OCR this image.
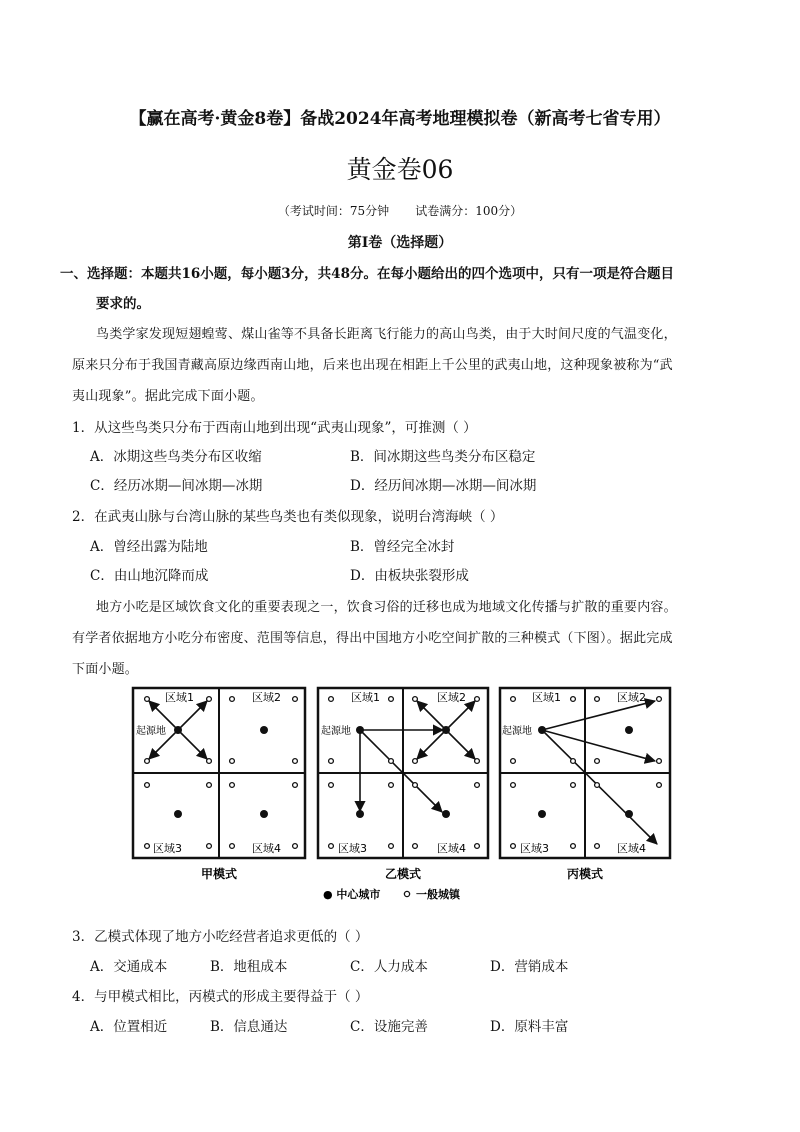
【赢在高考·黄金8卷】备战2024年高考地理模拟卷（新高考七省专用）
黄金卷06
（考试时间：75分钟 试卷满分：100分）
第Ⅰ卷（选择题）
一、选择题：本题共16小题，每小题3分，共48分。在每小题给出的四个选项中，只有一项是符合题目
要求的。
鸟类学家发现短翅蝗莺、煤山雀等不具备长距离飞行能力的高山鸟类，由于大时间尺度的气温变化，
原来只分布于我国青藏高原边缘西南山地，后来也出现在相距上千公里的武夷山地，这种现象被称为“武
夷山现象”。据此完成下面小题。
1．从这些鸟类只分布于西南山地到出现“武夷山现象”，可推测（ ）
A．冰期这些鸟类分布区收缩	B．间冰期这些鸟类分布区稳定
C．经历冰期—间冰期—冰期	D．经历间冰期—冰期—间冰期
2．在武夷山脉与台湾山脉的某些鸟类也有类似现象，说明台湾海峡（ ）
A．曾经出露为陆地	B．曾经完全冰封
C．由山地沉降而成	D．由板块张裂形成
地方小吃是区域饮食文化的重要表现之一，饮食习俗的迁移也成为地域文化传播与扩散的重要内容。
有学者依据地方小吃分布密度、范围等信息，得出中国地方小吃空间扩散的三种模式（下图）。据此完成
下面小题。
区域1	区域2
区域3	区域4
起源地
甲模式
区域1	区域2
区域3	区域4
起源地
乙模式
区域1	区域2
区域3	区域4
起源地
丙模式
● 中心城市	一般城镇
3．乙模式体现了地方小吃经营者追求更低的（ ）
A．交通成本	B．地租成本	C．人力成本	D．营销成本
4．与甲模式相比，丙模式的形成主要得益于（ ）
A．位置相近	B．信息通达	C．设施完善	D．原料丰富
